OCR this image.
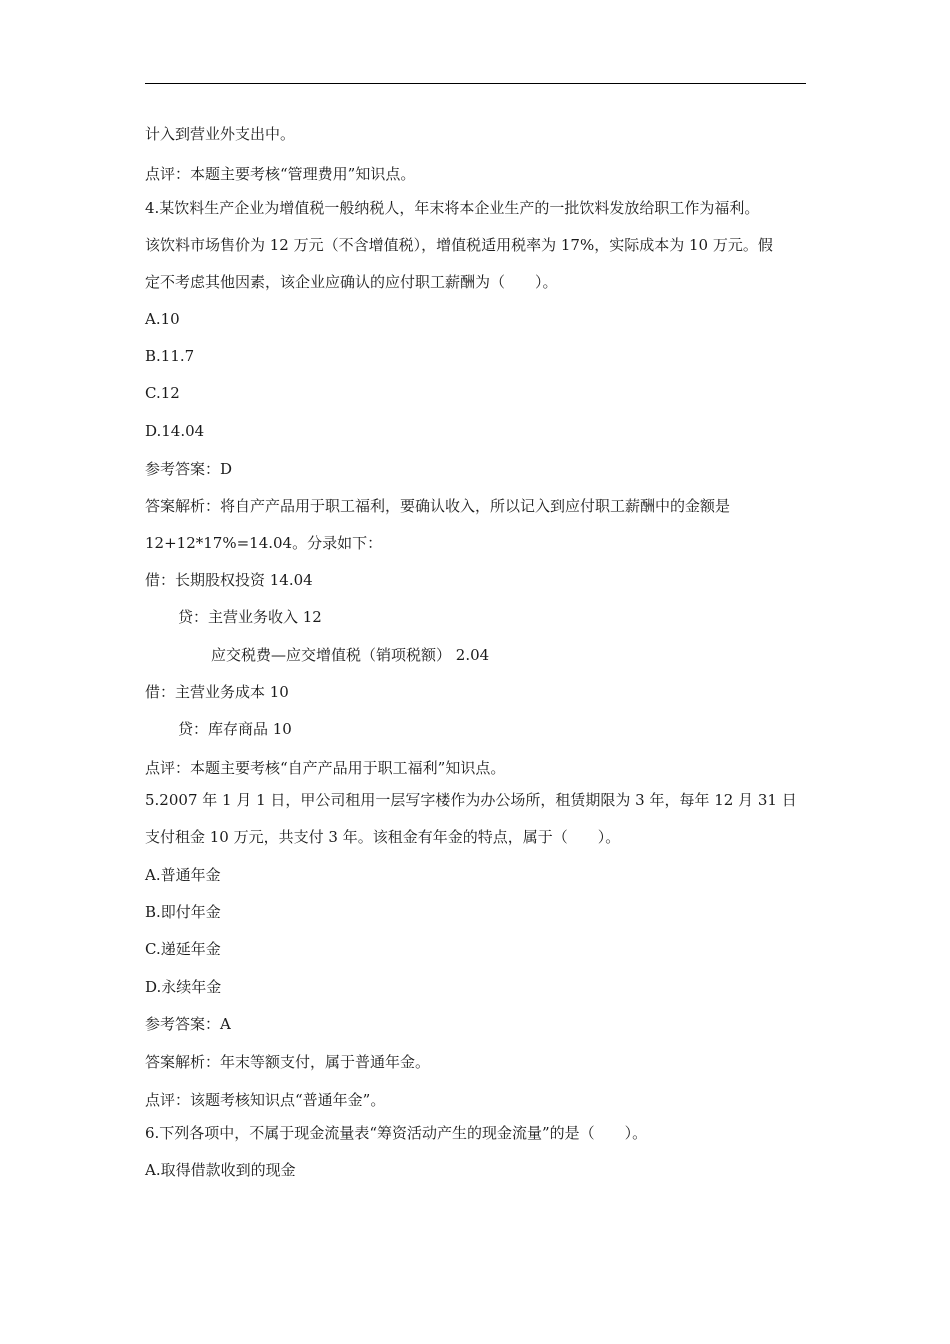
计入到营业外支出中。
点评：本题主要考核“管理费用”知识点。
4.某饮料生产企业为增值税一般纳税人，年末将本企业生产的一批饮料发放给职工作为福利。
该饮料市场售价为 12 万元（不含增值税），增值税适用税率为 17%，实际成本为 10 万元。假
定不考虑其他因素，该企业应确认的应付职工薪酬为（　　）。
A.10
B.11.7
C.12
D.14.04
参考答案：D
答案解析：将自产产品用于职工福利，要确认收入，所以记入到应付职工薪酬中的金额是
12+12*17%=14.04。分录如下：
借：长期股权投资 14.04
贷：主营业务收入 12
应交税费—应交增值税（销项税额） 2.04
借：主营业务成本 10
贷：库存商品 10
点评：本题主要考核“自产产品用于职工福利”知识点。
5.2007 年 1 月 1 日，甲公司租用一层写字楼作为办公场所，租赁期限为 3 年，每年 12 月 31 日
支付租金 10 万元，共支付 3 年。该租金有年金的特点，属于（　　）。
A.普通年金
B.即付年金
C.递延年金
D.永续年金
参考答案：A
答案解析：年末等额支付，属于普通年金。
点评：该题考核知识点“普通年金”。
6.下列各项中，不属于现金流量表“筹资活动产生的现金流量”的是（　　）。
A.取得借款收到的现金
